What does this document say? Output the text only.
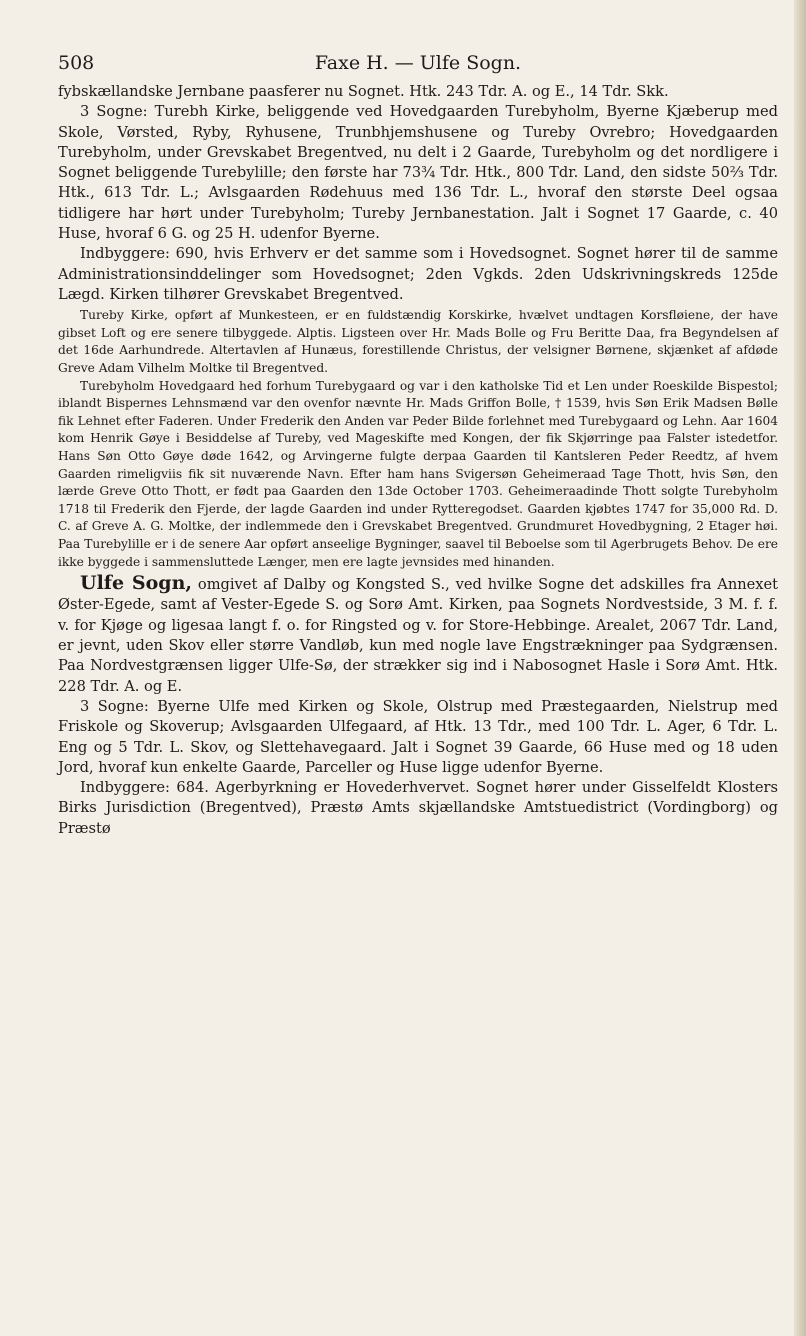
508	Faxe H. — Ulfe Sogn.

fybskællandske Jernbane paasferer nu Sognet. Htk. 243 Tdr. A. og E., 14 Tdr. Skk.

3 Sogne: Turebh Kirke, beliggende ved Hovedgaarden Turebyholm, Byerne Kjæberup med Skole, Vørsted, Ryby, Ryhusene, Trunbhjemshusene og Tureby Ovrebro; Hovedgaarden Turebyholm, under Grevskabet Bregentved, nu delt i 2 Gaarde, Turebyholm og det nordligere i Sognet beliggende Turebylille; den første har 73¾ Tdr. Htk., 800 Tdr. Land, den sidste 50⅔ Tdr. Htk., 613 Tdr. L.; Avlsgaarden Rødehuus med 136 Tdr. L., hvoraf den største Deel ogsaa tidligere har hørt under Turebyholm; Tureby Jernbanestation. Jalt i Sognet 17 Gaarde, c. 40 Huse, hvoraf 6 G. og 25 H. udenfor Byerne.

Indbyggere: 690, hvis Erhverv er det samme som i Hovedsognet. Sognet hører til de samme Administrationsinddelinger som Hovedsognet; 2den Vgkds. 2den Udskrivningskreds 125de Lægd. Kirken tilhører Grevskabet Bregentved.

Tureby Kirke, opført af Munkesteen, er en fuldstændig Korskirke, hvælvet undtagen Korsfløiene, der have gibset Loft og ere senere tilbyggede. Alptis. Ligsteen over Hr. Mads Bolle og Fru Beritte Daa, fra Begyndelsen af det 16de Aarhundrede. Altertavlen af Hunæus, forestillende Christus, der velsigner Børnene, skjænket af afdøde Greve Adam Vilhelm Moltke til Bregentved.

Turebyholm Hovedgaard hed forhum Turebygaard og var i den katholske Tid et Len under Roeskilde Bispestol; iblandt Bispernes Lehnsmænd var den ovenfor nævnte Hr. Mads Griffon Bolle, † 1539, hvis Søn Erik Madsen Bølle fik Lehnet efter Faderen. Under Frederik den Anden var Peder Bilde forlehnet med Turebygaard og Lehn. Aar 1604 kom Henrik Gøye i Besiddelse af Tureby, ved Mageskifte med Kongen, der fik Skjørringe paa Falster istedetfor. Hans Søn Otto Gøye døde 1642, og Arvingerne fulgte derpaa Gaarden til Kantsleren Peder Reedtz, af hvem Gaarden rimeligviis fik sit nuværende Navn. Efter ham hans Svigersøn Geheimeraad Tage Thott, hvis Søn, den lærde Greve Otto Thott, er født paa Gaarden den 13de October 1703. Geheimeraadinde Thott solgte Turebyholm 1718 til Frederik den Fjerde, der lagde Gaarden ind under Rytteregodset. Gaarden kjøbtes 1747 for 35,000 Rd. D. C. af Greve A. G. Moltke, der indlemmede den i Grevskabet Bregentved. Grundmuret Hovedbygning, 2 Etager høi. Paa Turebylille er i de senere Aar opført anseelige Bygninger, saavel til Beboelse som til Agerbrugets Behov. De ere ikke byggede i sammensluttede Længer, men ere lagte jevnsides med hinanden.

Ulfe Sogn, omgivet af Dalby og Kongsted S., ved hvilke Sogne det adskilles fra Annexet Øster-Egede, samt af Vester-Egede S. og Sorø Amt. Kirken, paa Sognets Nordvestside, 3 M. f. f. v. for Kjøge og ligesaa langt f. o. for Ringsted og v. for Store-Hebbinge. Arealet, 2067 Tdr. Land, er jevnt, uden Skov eller større Vandløb, kun med nogle lave Engstrækninger paa Sydgrænsen. Paa Nordvestgrænsen ligger Ulfe-Sø, der strækker sig ind i Nabosognet Hasle i Sorø Amt. Htk. 228 Tdr. A. og E.

3 Sogne: Byerne Ulfe med Kirken og Skole, Olstrup med Præstegaarden, Nielstrup med Friskole og Skoverup; Avlsgaarden Ulfegaard, af Htk. 13 Tdr., med 100 Tdr. L. Ager, 6 Tdr. L. Eng og 5 Tdr. L. Skov, og Slettehavegaard. Jalt i Sognet 39 Gaarde, 66 Huse med og 18 uden Jord, hvoraf kun enkelte Gaarde, Parceller og Huse ligge udenfor Byerne.

Indbyggere: 684. Agerbyrkning er Hovederhvervet. Sognet hører under Gisselfeldt Klosters Birks Jurisdiction (Bregentved), Præstø Amts skjællandske Amtstuedistrict (Vordingborg) og Præstø
